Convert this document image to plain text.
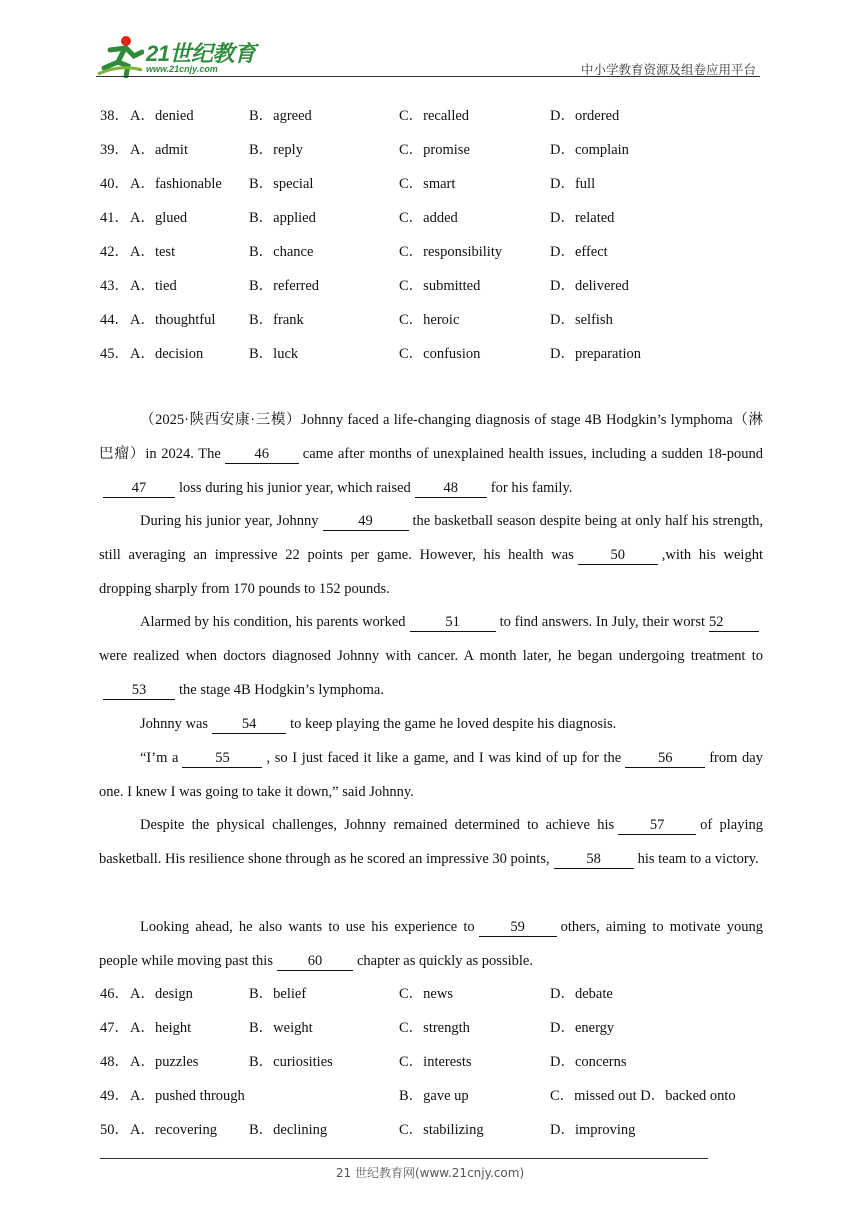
21世纪教育
www.21cnjy.com	中小学教育资源及组卷应用平台
38． A．denied	B．agreed	C．recalled	D．ordered
39． A．admit	B．reply	C．promise	D．complain
40． A．fashionable B．special	C．smart	D．full
41． A．glued	B．applied	C．added	D．related
42． A．test	B．chance	C．responsibility	D．effect
43． A．tied	B．referred	C．submitted	D．delivered
44． A．thoughtful B．frank	C．heroic	D．selfish
45． A．decision	B．luck	C．confusion	D．preparation
（2025·陕西安康·三模）Johnny faced a life-changing diagnosis of stage 4B Hodgkin’s lymphoma（淋巴瘤）in 2024. The 46 came after months of unexplained health issues, including a sudden 18-pound47 loss during his junior year, which raised 48 for his family.
During his junior year, Johnny	49	the basketball season despite being at only half his strength, still averaging an impressive 22 points per game. However, his health was	50	,with his weight dropping sharply from 170 pounds to 152 pounds.
Alarmed by his condition, his parents worked	51	to find answers. In July, their worst 52were realized when doctors diagnosed Johnny with cancer. A month later, he began undergoing treatment to53 the stage 4B Hodgkin’s lymphoma.
Johnny was 54 to keep playing the game he loved despite his diagnosis.
“I’m a	55	, so I just faced it like a game, and I was kind of up for the	56	from day one. I knew I was going to take it down,” said Johnny.
Despite the physical challenges, Johnny remained determined to achieve his 57 of playing basketball. His resilience shone through as he scored an impressive 30 points,	58	his team to a victory.
Looking ahead, he also wants to use his experience to 59 others, aiming to motivate young people while moving past this 60 chapter as quickly as possible.
46． A．design	B．belief	C．news	D．debate
47． A．height	B．weight	C．strength	D．energy
48． A．puzzles	B．curiosities	C．interests	D．concerns
49． A．pushed through	B．gave up	C．missed out D．backed onto
50． A．recovering B．declining	C．stabilizing	D．improving
21 世纪教育网(www.21cnjy.com)
